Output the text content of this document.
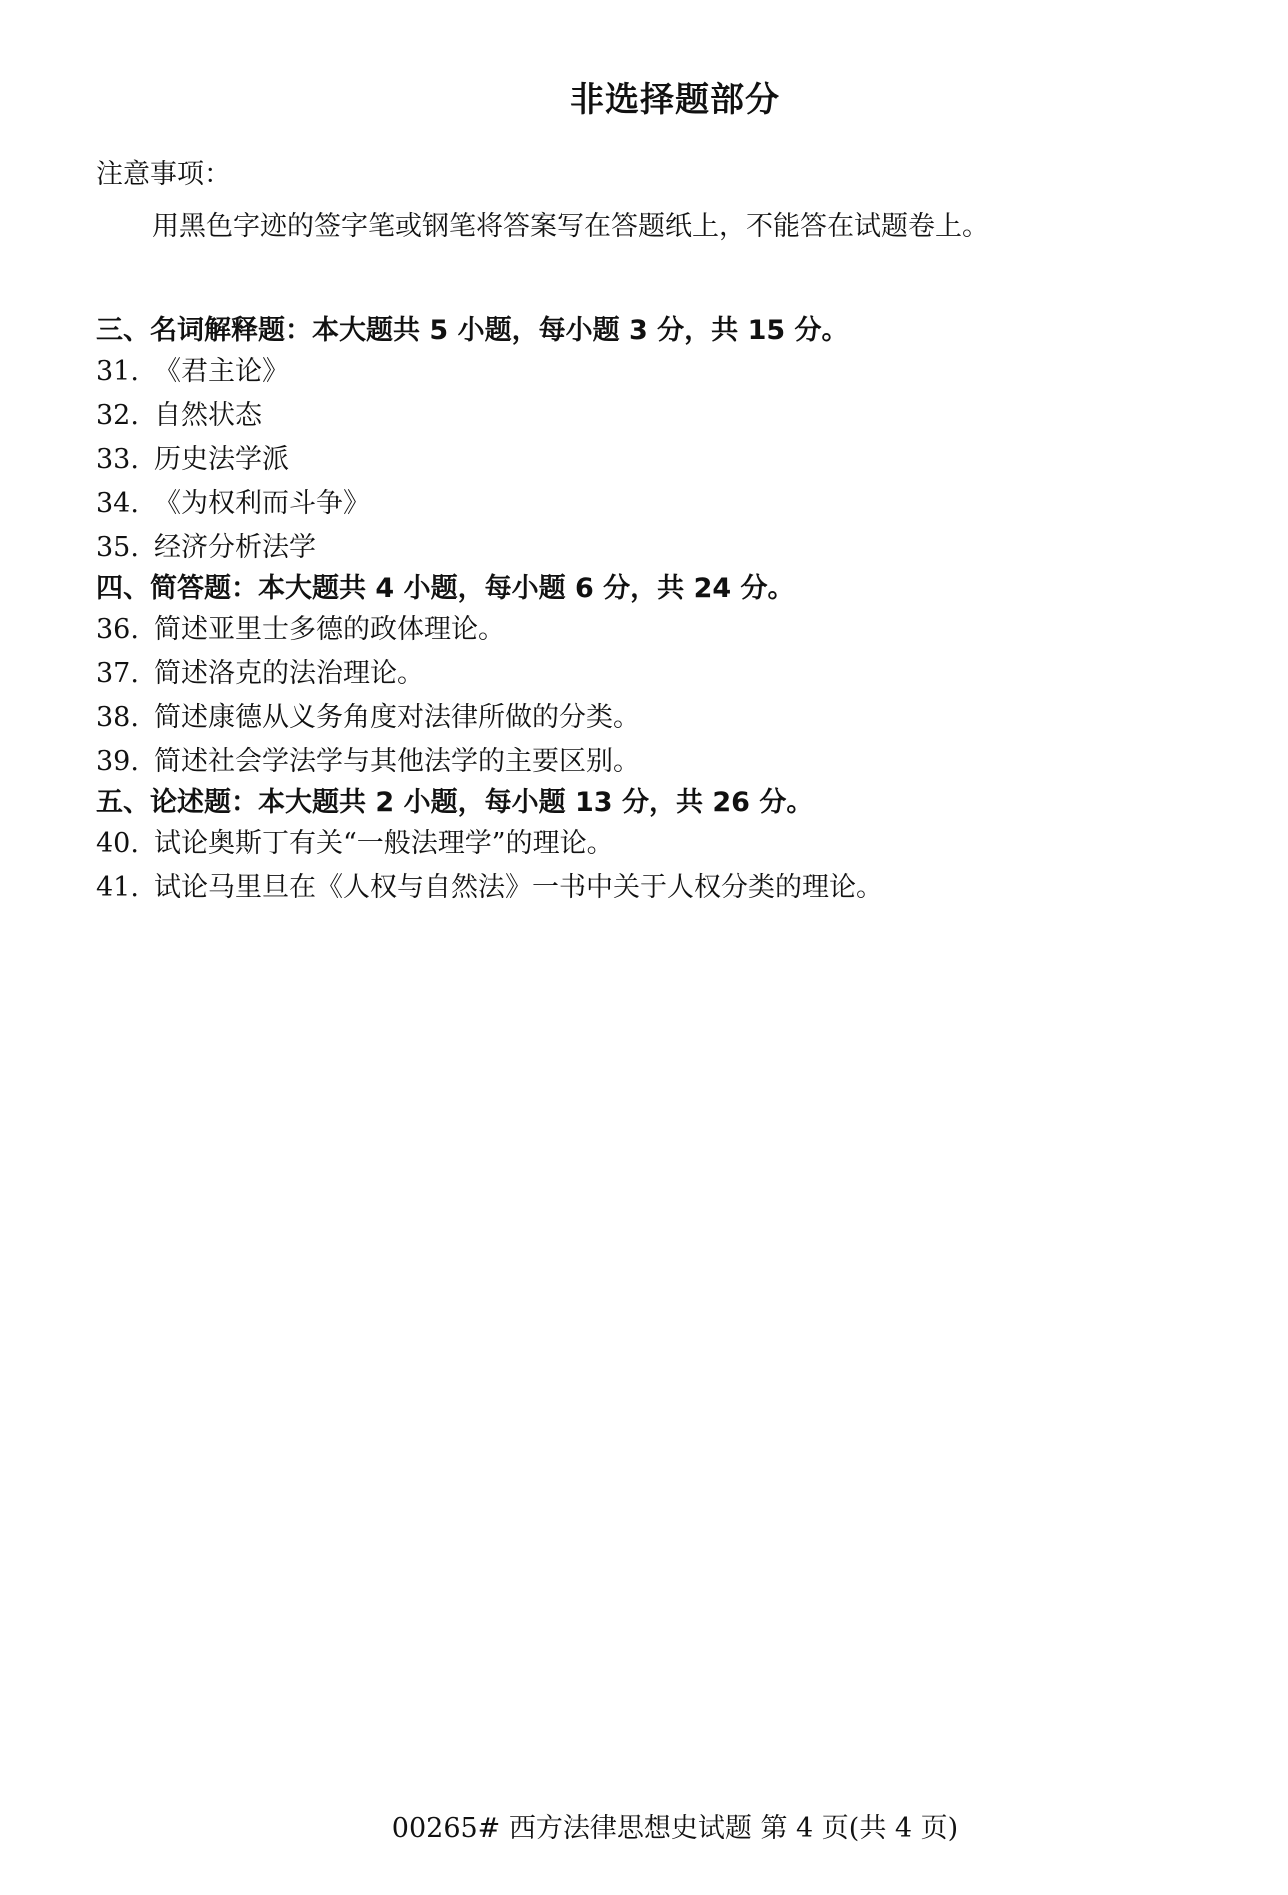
非选择题部分
注意事项：
用黑色字迹的签字笔或钢笔将答案写在答题纸上，不能答在试题卷上。
三、名词解释题：本大题共 5 小题，每小题 3 分，共 15 分。
31. 《君主论》
32. 自然状态
33. 历史法学派
34. 《为权利而斗争》
35. 经济分析法学
四、简答题：本大题共 4 小题，每小题 6 分，共 24 分。
36. 简述亚里士多德的政体理论。
37. 简述洛克的法治理论。
38. 简述康德从义务角度对法律所做的分类。
39. 简述社会学法学与其他法学的主要区别。
五、论述题：本大题共 2 小题，每小题 13 分，共 26 分。
40. 试论奥斯丁有关“一般法理学”的理论。
41. 试论马里旦在《人权与自然法》一书中关于人权分类的理论。
00265# 西方法律思想史试题 第 4 页(共 4 页)
